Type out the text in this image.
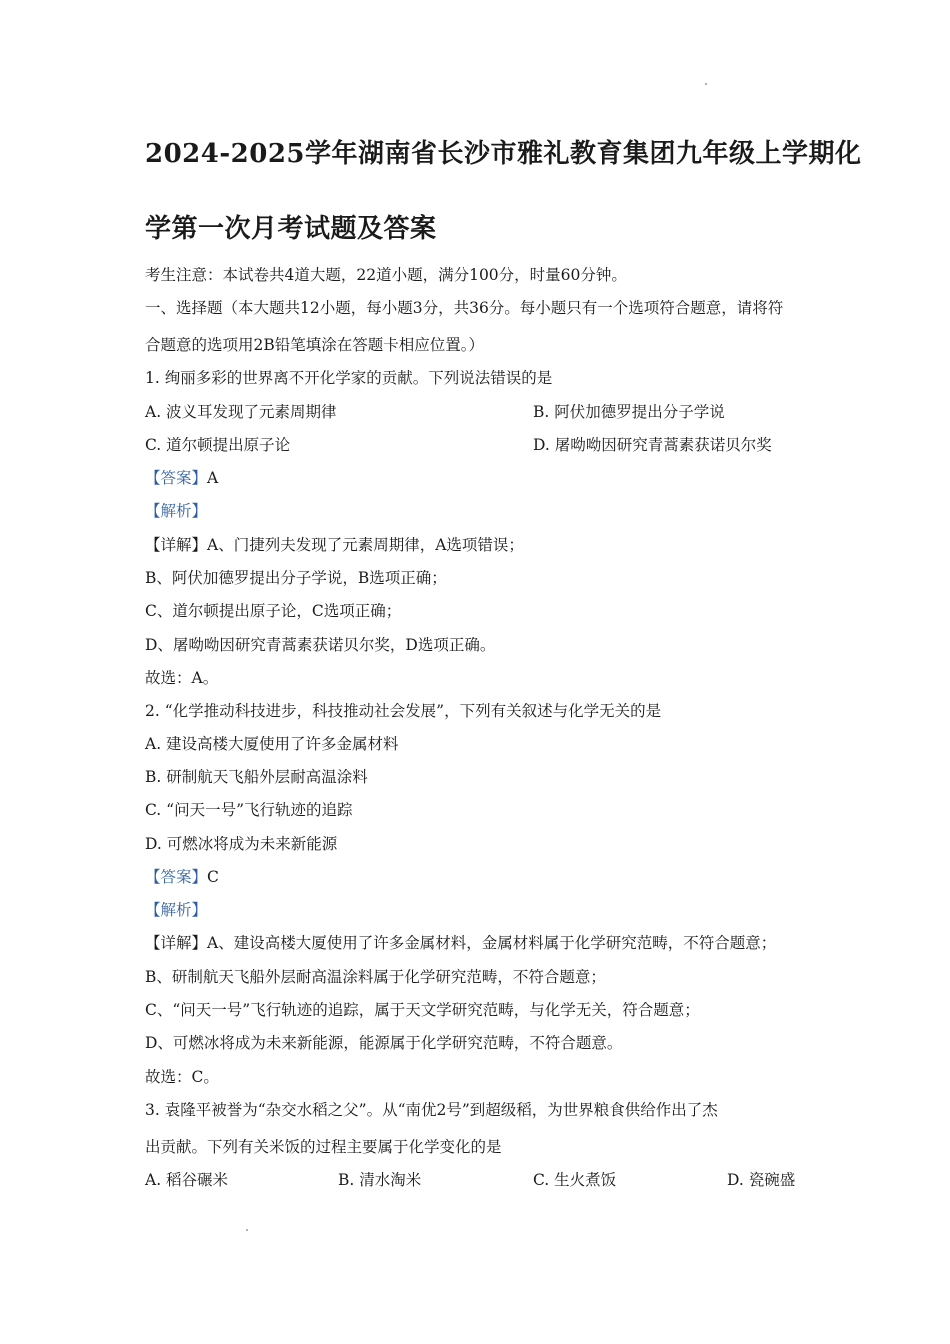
2024-2025学年湖南省长沙市雅礼教育集团九年级上学期化
学第一次月考试题及答案
考生注意：本试卷共4道大题，22道小题，满分100分，时量60分钟。
一、选择题（本大题共12小题，每小题3分，共36分。每小题只有一个选项符合题意，请将符
合题意的选项用2B铅笔填涂在答题卡相应位置。）
1. 绚丽多彩的世界离不开化学家的贡献。下列说法错误的是
A. 波义耳发现了元素周期律	B. 阿伏加德罗提出分子学说
C. 道尔顿提出原子论	D. 屠呦呦因研究青蒿素获诺贝尔奖
【答案】A
【解析】
【详解】A、门捷列夫发现了元素周期律，A选项错误；
B、阿伏加德罗提出分子学说，B选项正确；
C、道尔顿提出原子论，C选项正确；
D、屠呦呦因研究青蒿素获诺贝尔奖，D选项正确。
故选：A。
2. “化学推动科技进步，科技推动社会发展”，下列有关叙述与化学无关的是
A. 建设高楼大厦使用了许多金属材料
B. 研制航天飞船外层耐高温涂料
C. “问天一号”飞行轨迹的追踪
D. 可燃冰将成为未来新能源
【答案】C
【解析】
【详解】A、建设高楼大厦使用了许多金属材料，金属材料属于化学研究范畴，不符合题意；
B、研制航天飞船外层耐高温涂料属于化学研究范畴，不符合题意；
C、“问天一号”飞行轨迹的追踪，属于天文学研究范畴，与化学无关，符合题意；
D、可燃冰将成为未来新能源，能源属于化学研究范畴，不符合题意。
故选：C。
3. 袁隆平被誉为“杂交水稻之父”。从“南优2号”到超级稻，为世界粮食供给作出了杰
出贡献。下列有关米饭的过程主要属于化学变化的是
A. 稻谷碾米	B. 清水淘米	C. 生火煮饭	D. 瓷碗盛
